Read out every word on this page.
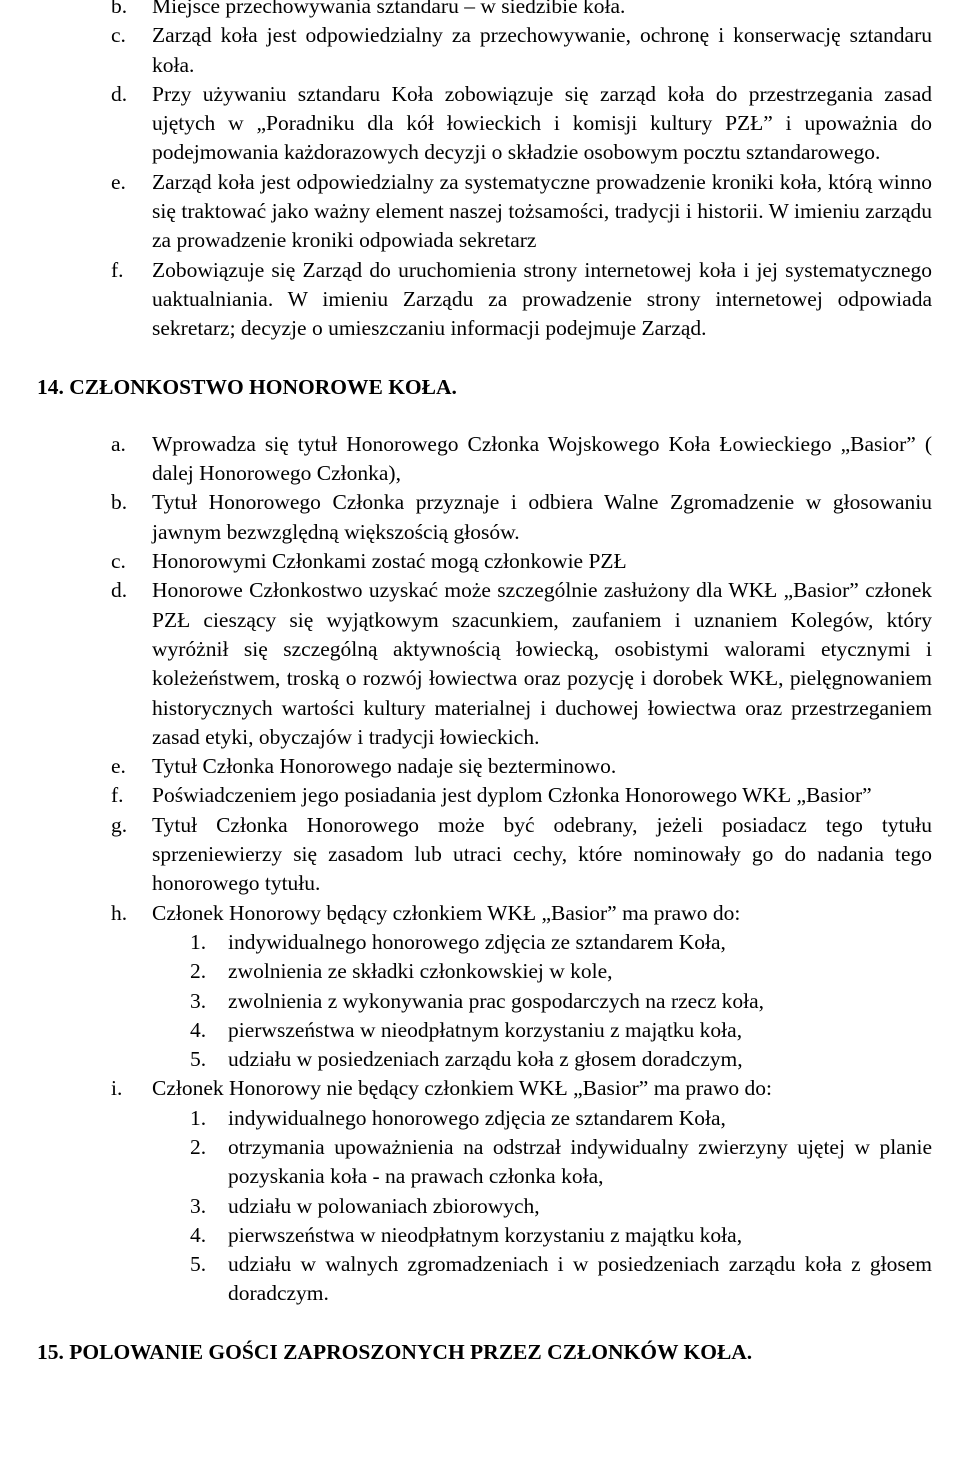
b. Miejsce przechowywania sztandaru – w siedzibie koła.
c. Zarząd koła jest odpowiedzialny za przechowywanie, ochronę i konserwację sztandaru koła.
d. Przy używaniu sztandaru Koła zobowiązuje się zarząd koła do przestrzegania zasad ujętych w „Poradniku dla kół łowieckich i komisji kultury PZŁ” i upoważnia do podejmowania każdorazowych decyzji o składzie osobowym pocztu sztandarowego.
e. Zarząd koła jest odpowiedzialny za systematyczne prowadzenie kroniki koła, którą winno się traktować jako ważny element naszej tożsamości, tradycji i historii. W imieniu zarządu za prowadzenie kroniki odpowiada sekretarz
f. Zobowiązuje się Zarząd do uruchomienia strony internetowej koła i jej systematycznego uaktualniania. W imieniu Zarządu za prowadzenie strony internetowej odpowiada sekretarz; decyzje o umieszczaniu informacji podejmuje Zarząd.
14. CZŁONKOSTWO HONOROWE KOŁA.
a. Wprowadza się tytuł Honorowego Członka Wojskowego Koła Łowieckiego „Basior” ( dalej Honorowego Członka),
b. Tytuł Honorowego Członka przyznaje i odbiera Walne Zgromadzenie w głosowaniu jawnym bezwzględną większością głosów.
c. Honorowymi Członkami zostać mogą członkowie PZŁ
d. Honorowe Członkostwo uzyskać może szczególnie zasłużony dla WKŁ „Basior” członek PZŁ cieszący się wyjątkowym szacunkiem, zaufaniem i uznaniem Kolegów, który wyróżnił się szczególną aktywnością łowiecką, osobistymi walorami etycznymi i koleżeństwem, troską o rozwój łowiectwa oraz pozycję i dorobek WKŁ, pielęgnowaniem historycznych wartości kultury materialnej i duchowej łowiectwa oraz przestrzeganiem zasad etyki, obyczajów i tradycji łowieckich.
e. Tytuł Członka Honorowego nadaje się bezterminowo.
f. Poświadczeniem jego posiadania jest dyplom Członka Honorowego WKŁ „Basior”
g. Tytuł Członka Honorowego może być odebrany, jeżeli posiadacz tego tytułu sprzeniewierzy się zasadom lub utraci cechy, które nominowały go do nadania tego honorowego tytułu.
h. Członek Honorowy będący członkiem WKŁ „Basior” ma prawo do:
1. indywidualnego honorowego zdjęcia ze sztandarem Koła,
2. zwolnienia ze składki członkowskiej w kole,
3. zwolnienia z wykonywania prac gospodarczych na rzecz koła,
4. pierwszeństwa w nieodpłatnym korzystaniu z majątku koła,
5. udziału w posiedzeniach zarządu koła z głosem doradczym,
i. Członek Honorowy nie będący członkiem WKŁ „Basior” ma prawo do:
1. indywidualnego honorowego zdjęcia ze sztandarem Koła,
2. otrzymania upoważnienia na odstrzał indywidualny zwierzyny ujętej w planie pozyskania koła - na prawach członka koła,
3. udziału w polowaniach zbiorowych,
4. pierwszeństwa w nieodpłatnym korzystaniu z majątku koła,
5. udziału w walnych zgromadzeniach i w posiedzeniach zarządu koła z głosem doradczym.
15. POLOWANIE GOŚCI ZAPROSZONYCH PRZEZ CZŁONKÓW KOŁA.
